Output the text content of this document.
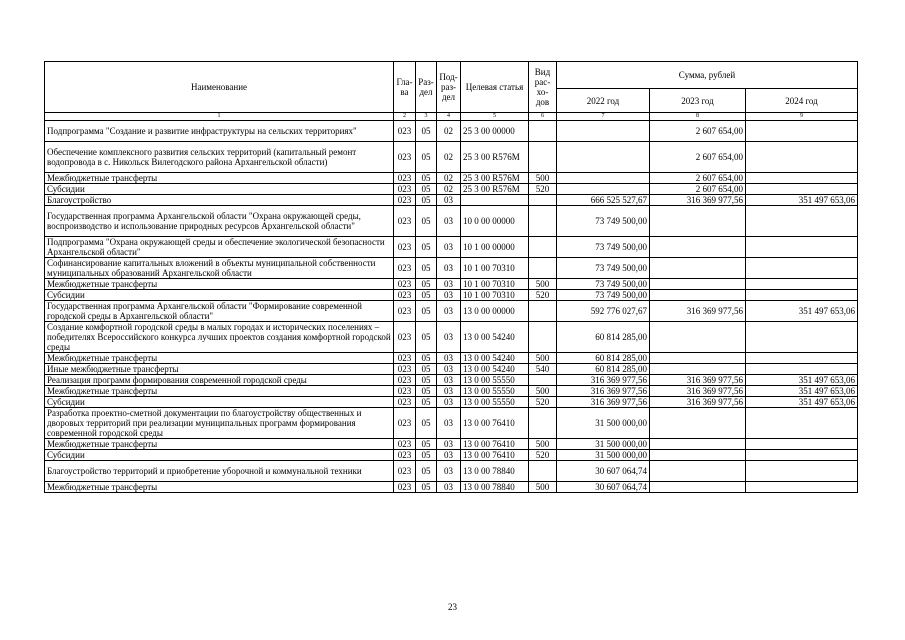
Наименование	Гла-ва	Раз-дел	Под-раз-дел	Целевая статья	Вид рас-хо-дов	Сумма, рублей		
						2022 год	2023 год	2024 год
1	2	3	4	5	6	7	8	9
Подпрограмма "Создание и развитие инфраструктуры на сельских территориях"	023	05	02	25 3 00 00000			2 607 654,00	
Обеспечение комплексного развития сельских территорий (капитальный ремонт водопровода в с. Никольск Вилегодского района Архангельской области)	023	05	02	25 3 00 R576M			2 607 654,00	
Межбюджетные трансферты	023	05	02	25 3 00 R576M	500		2 607 654,00	
Субсидии	023	05	02	25 3 00 R576M	520		2 607 654,00	
Благоустройство	023	05	03			666 525 527,67	316 369 977,56	351 497 653,06
Государственная программа Архангельской области "Охрана окружающей среды, воспроизводство и использование природных ресурсов Архангельской области"	023	05	03	10 0 00 00000		73 749 500,00		
Подпрограмма "Охрана окружающей среды и обеспечение экологической безопасности Архангельской области"	023	05	03	10 1 00 00000		73 749 500,00		
Софинансирование капитальных вложений в объекты муниципальной собственности муниципальных образований Архангельской области	023	05	03	10 1 00 70310		73 749 500,00		
Межбюджетные трансферты	023	05	03	10 1 00 70310	500	73 749 500,00		
Субсидии	023	05	03	10 1 00 70310	520	73 749 500,00		
Государственная программа Архангельской области "Формирование современной городской среды в Архангельской области"	023	05	03	13 0 00 00000		592 776 027,67	316 369 977,56	351 497 653,06
Создание комфортной городской среды в малых городах и исторических поселениях – победителях Всероссийского конкурса лучших проектов создания комфортной городской среды	023	05	03	13 0 00 54240		60 814 285,00		
Межбюджетные трансферты	023	05	03	13 0 00 54240	500	60 814 285,00		
Иные межбюджетные трансферты	023	05	03	13 0 00 54240	540	60 814 285,00		
Реализация программ формирования современной городской среды	023	05	03	13 0 00 55550		316 369 977,56	316 369 977,56	351 497 653,06
Межбюджетные трансферты	023	05	03	13 0 00 55550	500	316 369 977,56	316 369 977,56	351 497 653,06
Субсидии	023	05	03	13 0 00 55550	520	316 369 977,56	316 369 977,56	351 497 653,06
Разработка проектно-сметной документации по благоустройству общественных и дворовых территорий при реализации муниципальных программ формирования современной городской среды	023	05	03	13 0 00 76410		31 500 000,00		
Межбюджетные трансферты	023	05	03	13 0 00 76410	500	31 500 000,00		
Субсидии	023	05	03	13 0 00 76410	520	31 500 000,00		
Благоустройство территорий и приобретение уборочной и коммунальной техники	023	05	03	13 0 00 78840		30 607 064,74		
Межбюджетные трансферты	023	05	03	13 0 00 78840	500	30 607 064,74		
23
